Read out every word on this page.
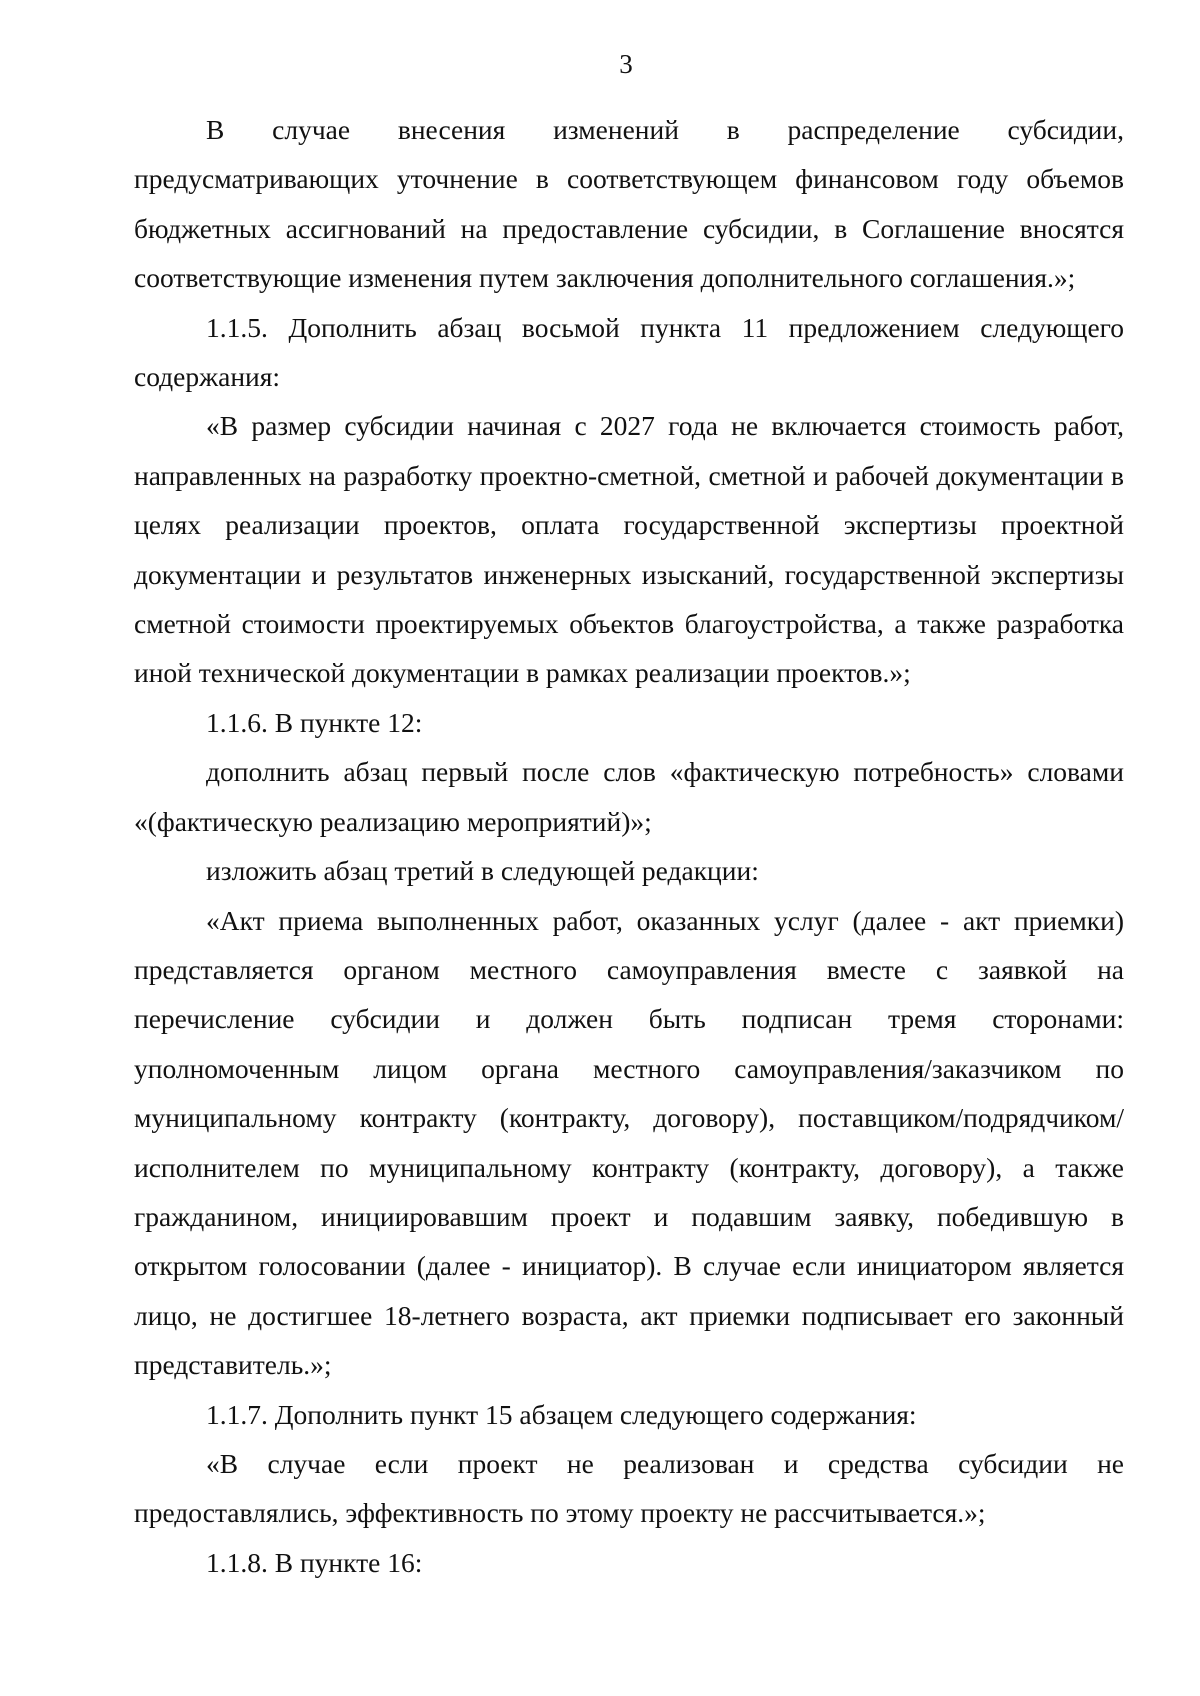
3

В случае внесения изменений в распределение субсидии, предусматривающих уточнение в соответствующем финансовом году объемов бюджетных ассигнований на предоставление субсидии, в Соглашение вносятся соответствующие изменения путем заключения дополнительного соглашения.»;

1.1.5. Дополнить абзац восьмой пункта 11 предложением следующего содержания:

«В размер субсидии начиная с 2027 года не включается стоимость работ, направленных на разработку проектно-сметной, сметной и рабочей документации в целях реализации проектов, оплата государственной экспертизы проектной документации и результатов инженерных изысканий, государственной экспертизы сметной стоимости проектируемых объектов благоустройства, а также разработка иной технической документации в рамках реализации проектов.»;

1.1.6. В пункте 12:

дополнить абзац первый после слов «фактическую потребность» словами «(фактическую реализацию мероприятий)»;

изложить абзац третий в следующей редакции:

«Акт приема выполненных работ, оказанных услуг (далее - акт приемки) представляется органом местного самоуправления вместе с заявкой на перечисление субсидии и должен быть подписан тремя сторонами: уполномоченным лицом органа местного самоуправления/заказчиком по муниципальному контракту (контракту, договору), поставщиком/подрядчиком/исполнителем по муниципальному контракту (контракту, договору), а также гражданином, инициировавшим проект и подавшим заявку, победившую в открытом голосовании (далее - инициатор). В случае если инициатором является лицо, не достигшее 18-летнего возраста, акт приемки подписывает его законный представитель.»;

1.1.7. Дополнить пункт 15 абзацем следующего содержания:

«В случае если проект не реализован и средства субсидии не предоставлялись, эффективность по этому проекту не рассчитывается.»;

1.1.8. В пункте 16:
